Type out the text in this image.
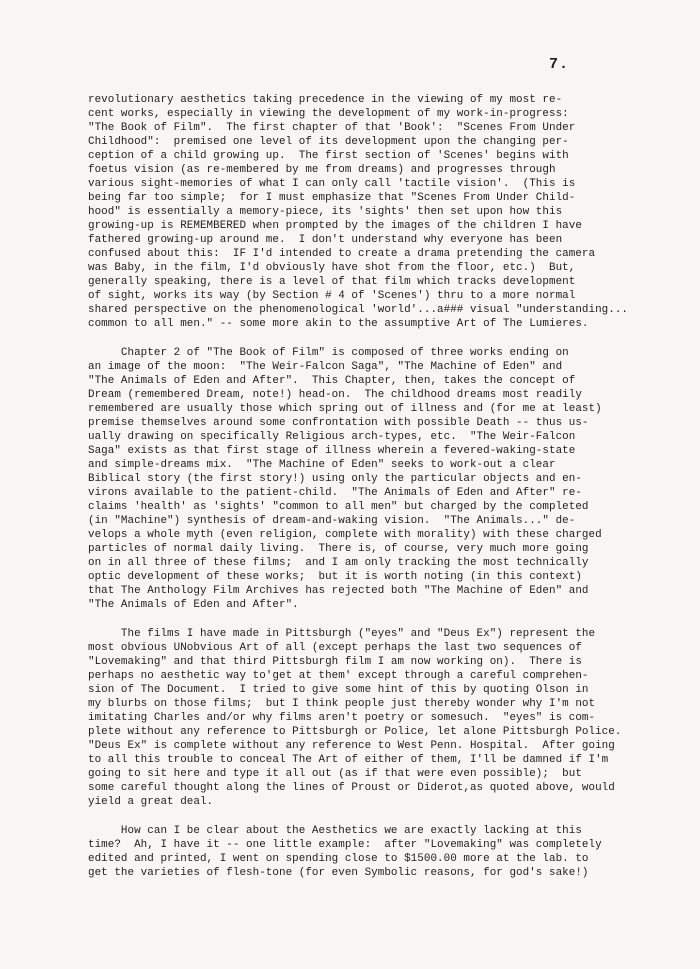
7.
revolutionary aesthetics taking precedence in the viewing of my most re-
cent works, especially in viewing the development of my work-in-progress:
"The Book of Film".  The first chapter of that 'Book':  "Scenes From Under
Childhood":  premised one level of its development upon the changing per-
ception of a child growing up.  The first section of 'Scenes' begins with
foetus vision (as re-membered by me from dreams) and progresses through
various sight-memories of what I can only call 'tactile vision'.  (This is
being far too simple;  for I must emphasize that "Scenes From Under Child-
hood" is essentially a memory-piece, its 'sights' then set upon how this
growing-up is REMEMBERED when prompted by the images of the children I have
fathered growing-up around me.  I don't understand why everyone has been
confused about this:  IF I'd intended to create a drama pretending the camera
was Baby, in the film, I'd obviously have shot from the floor, etc.)  But,
generally speaking, there is a level of that film which tracks development
of sight, works its way (by Section # 4 of 'Scenes') thru to a more normal
shared perspective on the phenomenological 'world'...a### visual "understanding...
common to all men." -- some more akin to the assumptive Art of The Lumieres.
Chapter 2 of "The Book of Film" is composed of three works ending on
an image of the moon:  "The Weir-Falcon Saga", "The Machine of Eden" and
"The Animals of Eden and After".  This Chapter, then, takes the concept of
Dream (remembered Dream, note!) head-on.  The childhood dreams most readily
remembered are usually those which spring out of illness and (for me at least)
premise themselves around some confrontation with possible Death -- thus us-
ually drawing on specifically Religious arch-types, etc.  "The Weir-Falcon
Saga" exists as that first stage of illness wherein a fevered-waking-state
and simple-dreams mix.  "The Machine of Eden" seeks to work-out a clear
Biblical story (the first story!) using only the particular objects and en-
virons available to the patient-child.  "The Animals of Eden and After" re-
claims 'health' as 'sights' "common to all men" but charged by the completed
(in "Machine") synthesis of dream-and-waking vision.  "The Animals..." de-
velops a whole myth (even religion, complete with morality) with these charged
particles of normal daily living.  There is, of course, very much more going
on in all three of these films;  and I am only tracking the most technically
optic development of these works;  but it is worth noting (in this context)
that The Anthology Film Archives has rejected both "The Machine of Eden" and
"The Animals of Eden and After".
The films I have made in Pittsburgh ("eyes" and "Deus Ex") represent the
most obvious UNobvious Art of all (except perhaps the last two sequences of
"Lovemaking" and that third Pittsburgh film I am now working on).  There is
perhaps no aesthetic way to'get at them' except through a careful comprehen-
sion of The Document.  I tried to give some hint of this by quoting Olson in
my blurbs on those films;  but I think people just thereby wonder why I'm not
imitating Charles and/or why films aren't poetry or somesuch.  "eyes" is com-
plete without any reference to Pittsburgh or Police, let alone Pittsburgh Police.
"Deus Ex" is complete without any reference to West Penn. Hospital.  After going
to all this trouble to conceal The Art of either of them, I'll be damned if I'm
going to sit here and type it all out (as if that were even possible);  but
some careful thought along the lines of Proust or Diderot,as quoted above, would
yield a great deal.
How can I be clear about the Aesthetics we are exactly lacking at this
time?  Ah, I have it -- one little example:  after "Lovemaking" was completely
edited and printed, I went on spending close to $1500.00 more at the lab. to
get the varieties of flesh-tone (for even Symbolic reasons, for god's sake!)
